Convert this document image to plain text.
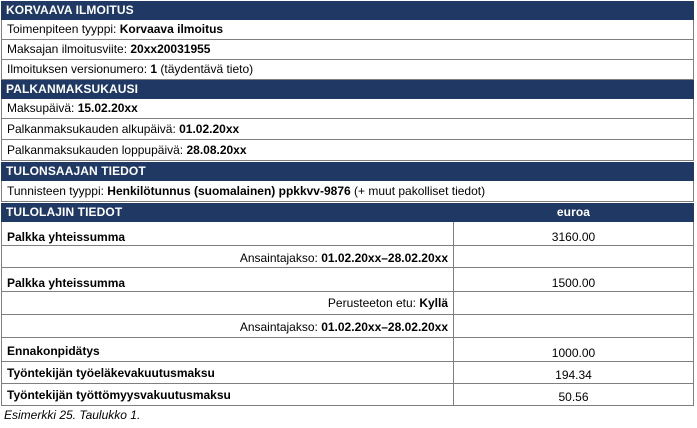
KORVAAVA ILMOITUS
Toimenpiteen tyyppi: Korvaava ilmoitus
Maksajan ilmoitusviite: 20xx20031955
Ilmoituksen versionumero: 1 (täydentävä tieto)
PALKANMAKSUKAUSI
Maksupäivä: 15.02.20xx
Palkanmaksukauden alkupäivä: 01.02.20xx
Palkanmaksukauden loppupäivä: 28.08.20xx
TULONSAAJAN TIEDOT
Tunnisteen tyyppi: Henkilötunnus (suomalainen) ppkkvv-9876 (+ muut pakolliset tiedot)
TULOLAJIN TIEDOT	euroa
Palkka yhteissumma	3160.00
Ansaintajakso: 01.02.20xx–28.02.20xx
Palkka yhteissumma	1500.00
Perusteeton etu: Kyllä
Ansaintajakso: 01.02.20xx–28.02.20xx
Ennakonpidätys	1000.00
Työntekijän työeläkevakuutusmaksu	194.34
Työntekijän työttömyysvakuutusmaksu	50.56
Esimerkki 25. Taulukko 1.
